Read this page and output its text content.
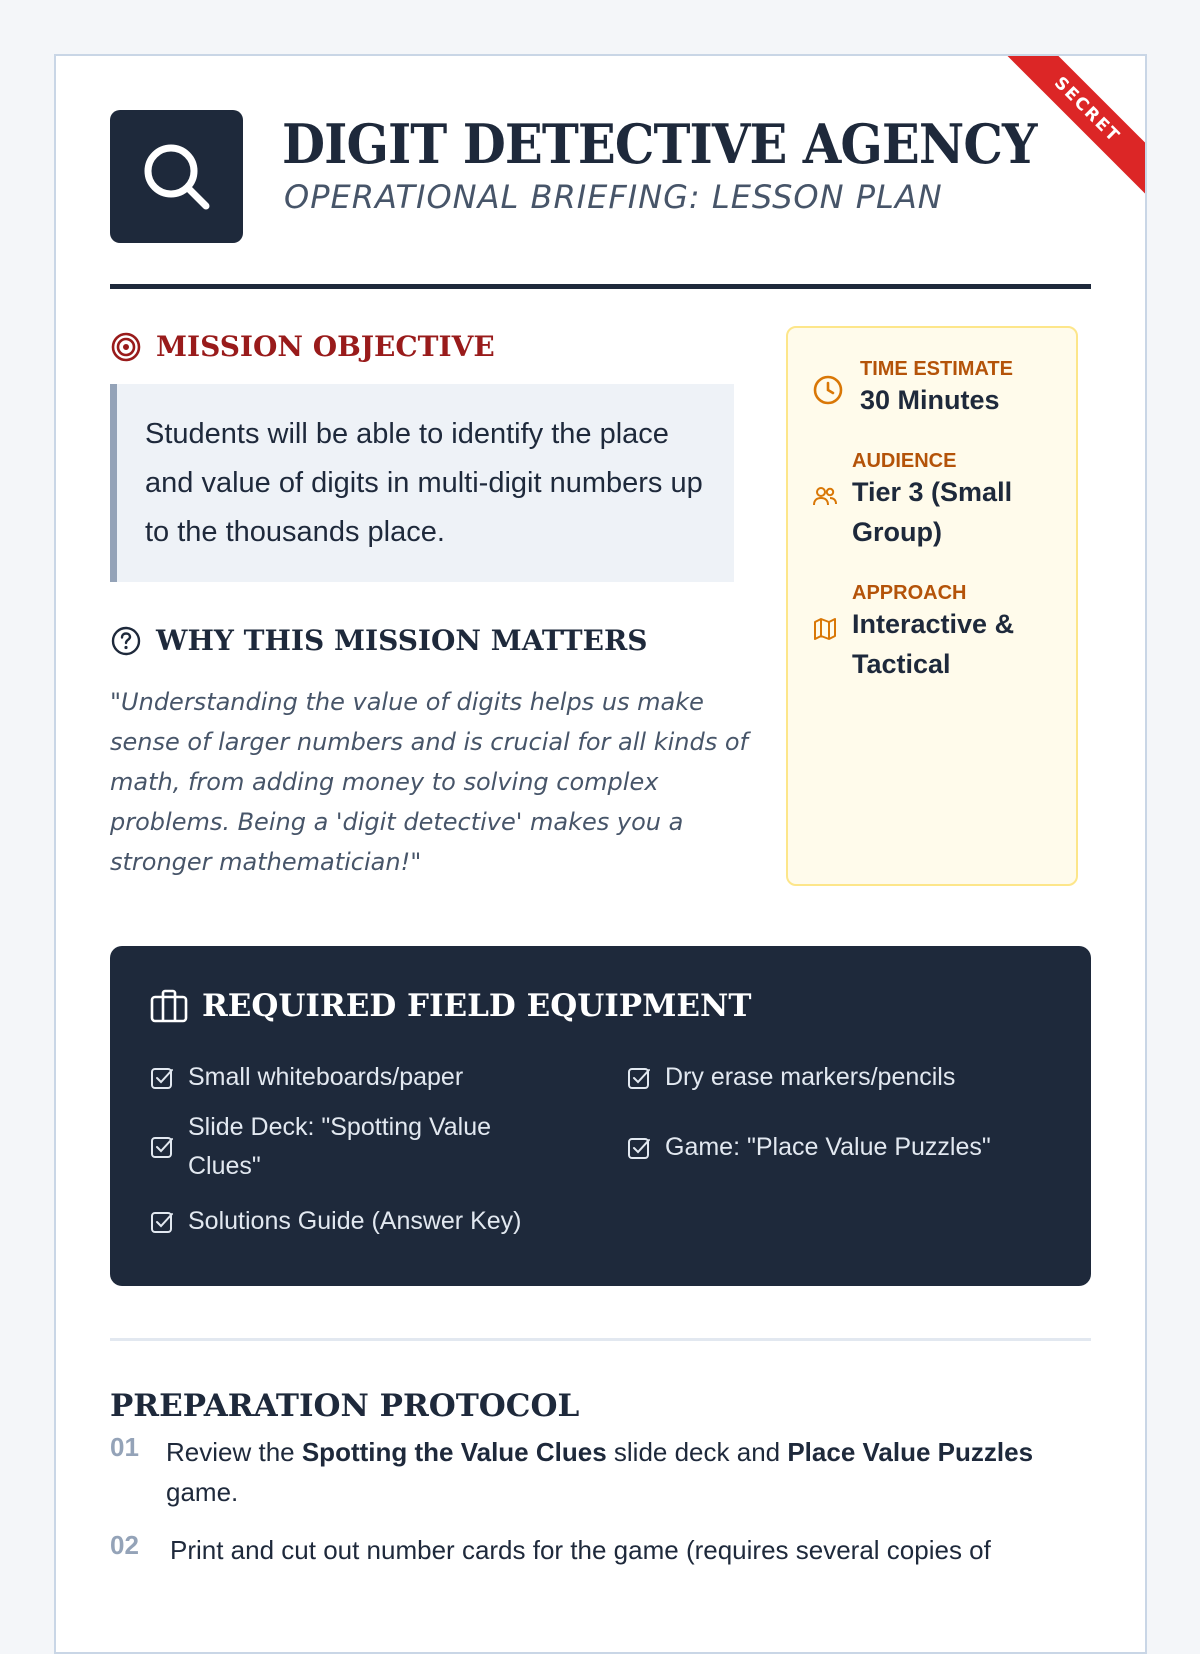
SECRET
DIGIT DETECTIVE AGENCY
OPERATIONAL BRIEFING: LESSON PLAN
MISSION OBJECTIVE
Students will be able to identify the place and value of digits in multi-digit numbers up to the thousands place.
WHY THIS MISSION MATTERS
"Understanding the value of digits helps us make sense of larger numbers and is crucial for all kinds of math, from adding money to solving complex problems. Being a 'digit detective' makes you a stronger mathematician!"
TIME ESTIMATE
30 Minutes
AUDIENCE
Tier 3 (Small Group)
APPROACH
Interactive & Tactical
REQUIRED FIELD EQUIPMENT
Small whiteboards/paper	Dry erase markers/pencils
Slide Deck: "Spotting Value Clues"
Game: "Place Value Puzzles"
Solutions Guide (Answer Key)
PREPARATION PROTOCOL
01 Review the Spotting the Value Clues slide deck and Place Value Puzzles game.
02 Print and cut out number cards for the game (requires several copies of
